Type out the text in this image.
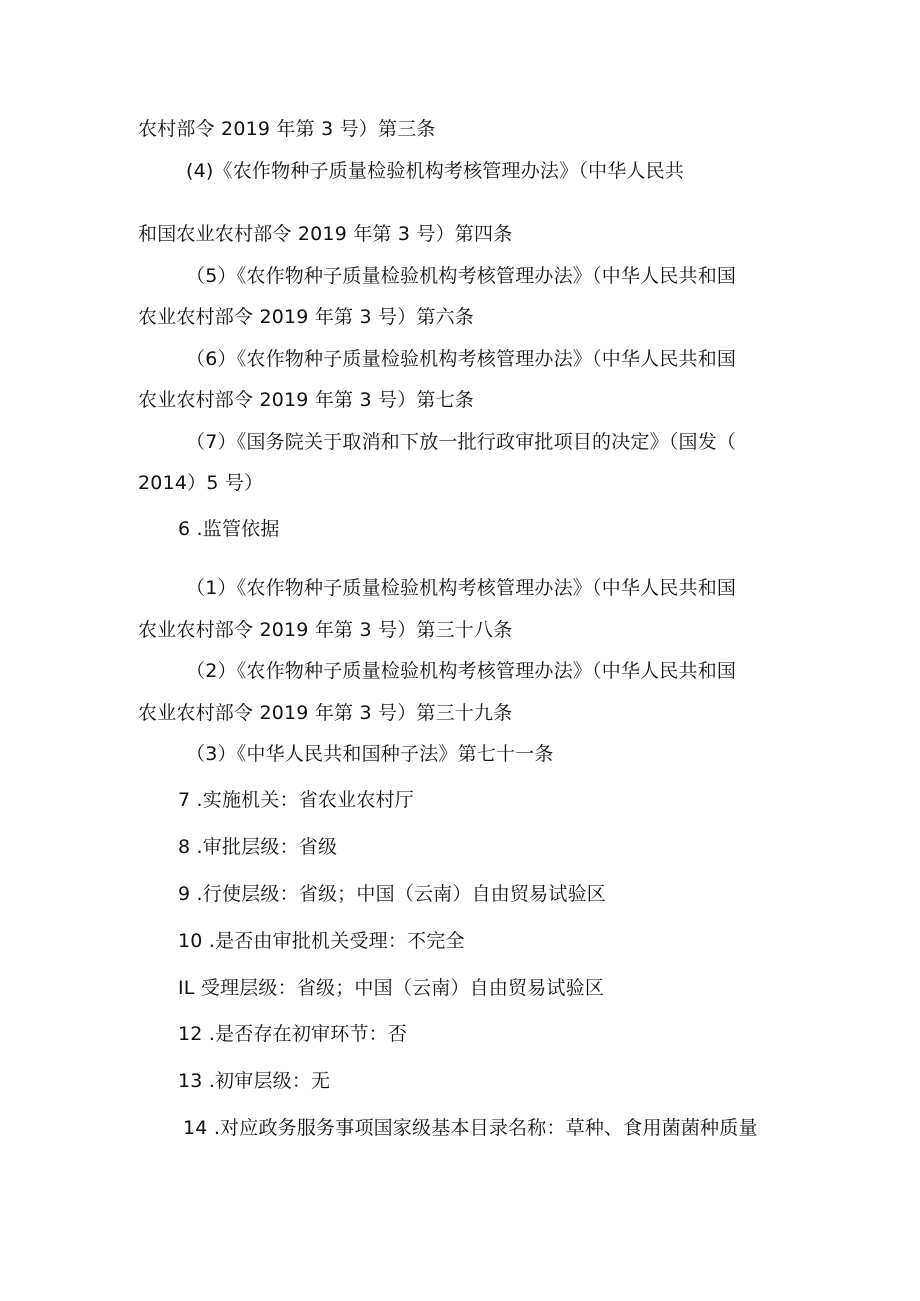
农村部令 2019 年第 3 号）第三条
(4)《农作物种子质量检验机构考核管理办法》（中华人民共
和国农业农村部令 2019 年第 3 号）第四条
（5）《农作物种子质量检验机构考核管理办法》（中华人民共和国
农业农村部令 2019 年第 3 号）第六条
（6）《农作物种子质量检验机构考核管理办法》（中华人民共和国
农业农村部令 2019 年第 3 号）第七条
（7）《国务院关于取消和下放一批行政审批项目的决定》（国发（
2014）5 号）
6 .监管依据
（1）《农作物种子质量检验机构考核管理办法》（中华人民共和国
农业农村部令 2019 年第 3 号）第三十八条
（2）《农作物种子质量检验机构考核管理办法》（中华人民共和国
农业农村部令 2019 年第 3 号）第三十九条
（3）《中华人民共和国种子法》第七十一条
7 .实施机关：省农业农村厅
8 .审批层级：省级
9 .行使层级：省级；中国（云南）自由贸易试验区
10 .是否由审批机关受理：不完全
IL 受理层级：省级；中国（云南）自由贸易试验区
12 .是否存在初审环节：否
13 .初审层级：无
14 .对应政务服务事项国家级基本目录名称：草种、食用菌菌种质量
